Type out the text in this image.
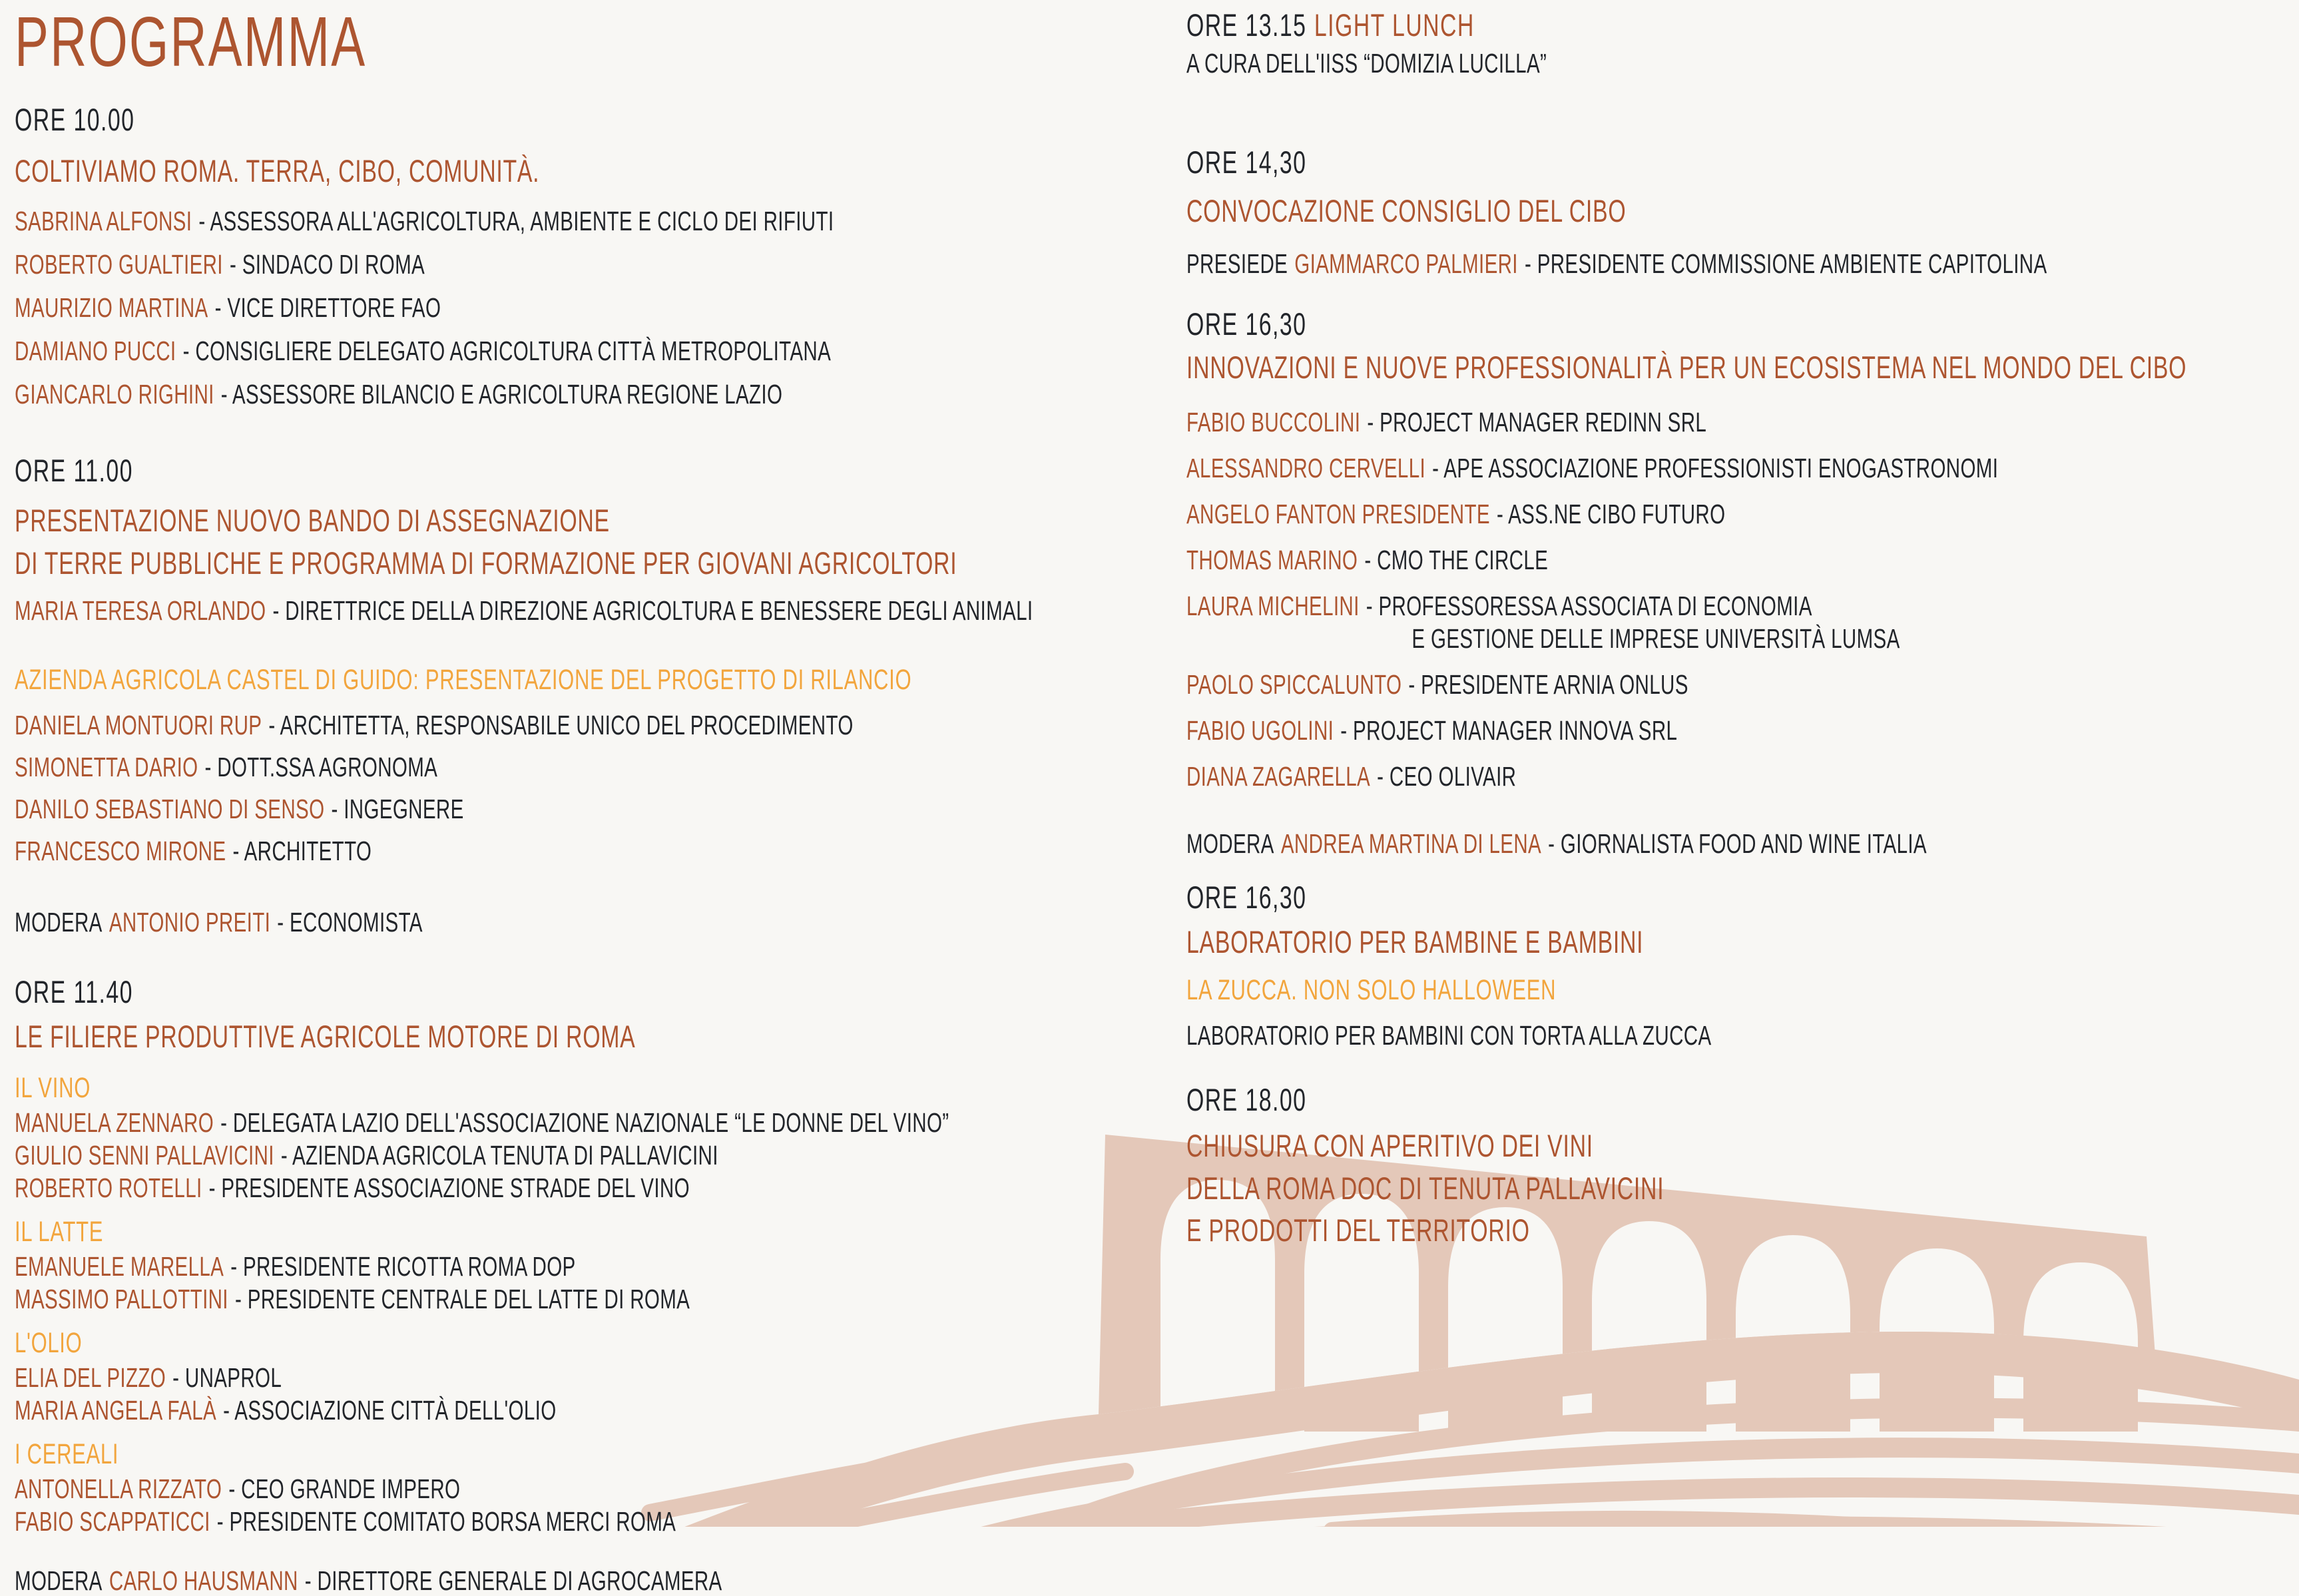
PROGRAMMA
ORE 10.00
COLTIVIAMO ROMA. TERRA, CIBO, COMUNITÀ.

SABRINA ALFONSI - ASSESSORA ALL'AGRICOLTURA, AMBIENTE E CICLO DEI RIFIUTI

ROBERTO GUALTIERI - SINDACO DI ROMA

MAURIZIO MARTINA - VICE DIRETTORE FAO

DAMIANO PUCCI - CONSIGLIERE DELEGATO AGRICOLTURA CITTÀ METROPOLITANA

GIANCARLO RIGHINI - ASSESSORE BILANCIO E AGRICOLTURA REGIONE LAZIO

ORE 11.00
PRESENTAZIONE NUOVO BANDO DI ASSEGNAZIONE
DI TERRE PUBBLICHE E PROGRAMMA DI FORMAZIONE PER GIOVANI AGRICOLTORI

MARIA TERESA ORLANDO - DIRETTRICE DELLA DIREZIONE AGRICOLTURA E BENESSERE DEGLI ANIMALI

AZIENDA AGRICOLA CASTEL DI GUIDO: PRESENTAZIONE DEL PROGETTO DI RILANCIO

DANIELA MONTUORI RUP - ARCHITETTA, RESPONSABILE UNICO DEL PROCEDIMENTO

SIMONETTA DARIO - DOTT.SSA AGRONOMA

DANILO SEBASTIANO DI SENSO - INGEGNERE

FRANCESCO MIRONE - ARCHITETTO

MODERA ANTONIO PREITI - ECONOMISTA

ORE 11.40
LE FILIERE PRODUTTIVE AGRICOLE MOTORE DI ROMA
IL VINO

MANUELA ZENNARO - DELEGATA LAZIO DELL'ASSOCIAZIONE NAZIONALE “LE DONNE DEL VINO”

GIULIO SENNI PALLAVICINI - AZIENDA AGRICOLA TENUTA DI PALLAVICINI

ROBERTO ROTELLI - PRESIDENTE ASSOCIAZIONE STRADE DEL VINO

IL LATTE

EMANUELE MARELLA - PRESIDENTE RICOTTA ROMA DOP

MASSIMO PALLOTTINI - PRESIDENTE CENTRALE DEL LATTE DI ROMA

L'OLIO

ELIA DEL PIZZO - UNAPROL

MARIA ANGELA FALÀ - ASSOCIAZIONE CITTÀ DELL'OLIO

I CEREALI

ANTONELLA RIZZATO - CEO GRANDE IMPERO

FABIO SCAPPATICCI - PRESIDENTE COMITATO BORSA MERCI ROMA

MODERA CARLO HAUSMANN - DIRETTORE GENERALE DI AGROCAMERA

ORE 13.15 LIGHT LUNCH

A CURA DELL'IISS “DOMIZIA LUCILLA”
ORE 14,30
CONVOCAZIONE CONSIGLIO DEL CIBO

PRESIEDE GIAMMARCO PALMIERI - PRESIDENTE COMMISSIONE AMBIENTE CAPITOLINA

ORE 16,30
INNOVAZIONI E NUOVE PROFESSIONALITÀ PER UN ECOSISTEMA NEL MONDO DEL CIBO

FABIO BUCCOLINI - PROJECT MANAGER REDINN SRL

ALESSANDRO CERVELLI - APE ASSOCIAZIONE PROFESSIONISTI ENOGASTRONOMI

ANGELO FANTON PRESIDENTE - ASS.NE CIBO FUTURO

THOMAS MARINO - CMO THE CIRCLE

LAURA MICHELINI - PROFESSORESSA ASSOCIATA DI ECONOMIA

E GESTIONE DELLE IMPRESE UNIVERSITÀ LUMSA

PAOLO SPICCALUNTO - PRESIDENTE ARNIA ONLUS

FABIO UGOLINI - PROJECT MANAGER INNOVA SRL

DIANA ZAGARELLA - CEO OLIVAIR

MODERA ANDREA MARTINA DI LENA - GIORNALISTA FOOD AND WINE ITALIA

ORE 16,30
LABORATORIO PER BAMBINE E BAMBINI
LA ZUCCA. NON SOLO HALLOWEEN
LABORATORIO PER BAMBINI CON TORTA ALLA ZUCCA
ORE 18.00
CHIUSURA CON APERITIVO DEI VINI
DELLA ROMA DOC DI TENUTA PALLAVICINI
E PRODOTTI DEL TERRITORIO
